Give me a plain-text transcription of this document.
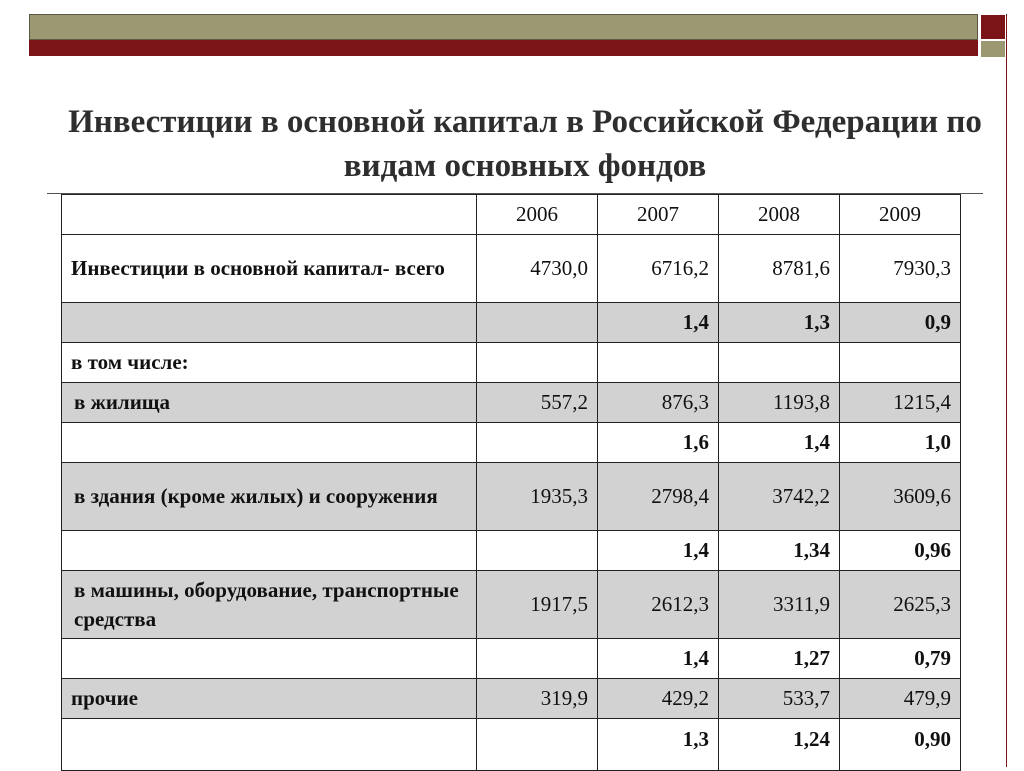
Инвестиции в основной капитал в Российской Федерации по видам основных фондов
	2006	2007	2008	2009
Инвестиции в основной капитал- всего	4730,0	6716,2	8781,6	7930,3
		1,4	1,3	0,9
в том числе:				
в жилища	557,2	876,3	1193,8	1215,4
		1,6	1,4	1,0
в здания (кроме жилых) и сооружения	1935,3	2798,4	3742,2	3609,6
		1,4	1,34	0,96
в машины, оборудование, транспортные средства	1917,5	2612,3	3311,9	2625,3
		1,4	1,27	0,79
прочие	319,9	429,2	533,7	479,9
		1,3	1,24	0,90
